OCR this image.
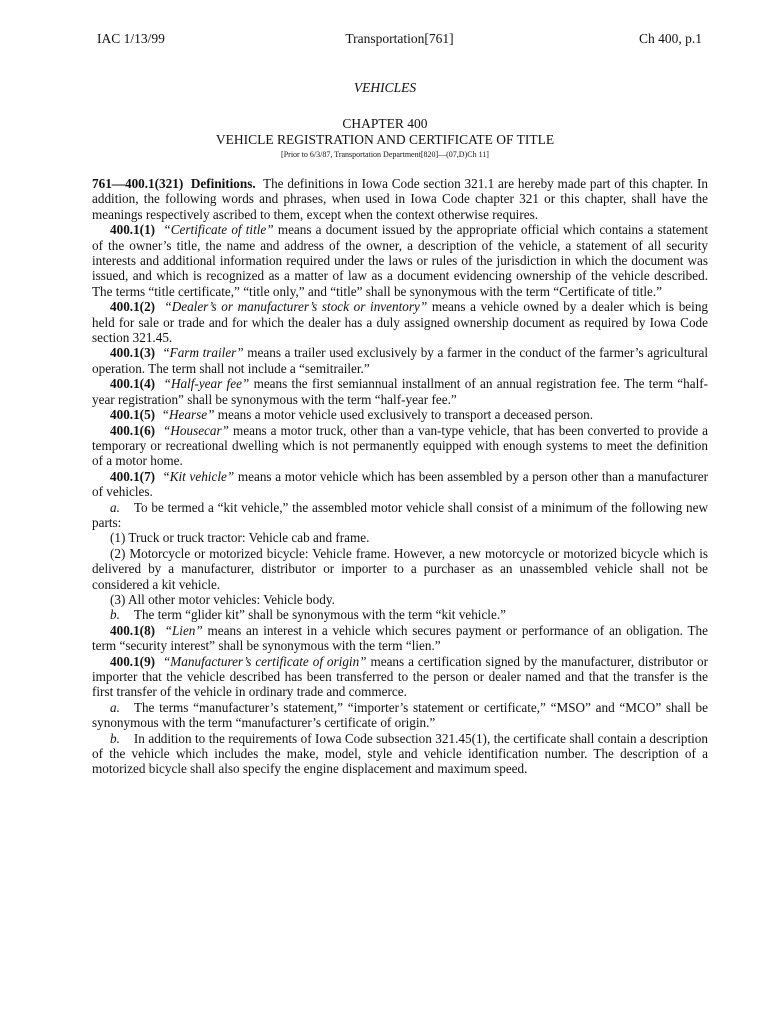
IAC 1/13/99	Transportation[761]	Ch 400, p.1
VEHICLES
CHAPTER 400
VEHICLE REGISTRATION AND CERTIFICATE OF TITLE
[Prior to 6/3/87, Transportation Department[820]—(07,D)Ch 11]

761—400.1(321) Definitions. The definitions in Iowa Code section 321.1 are hereby made part of this chapter. In addition, the following words and phrases, when used in Iowa Code chapter 321 or this chapter, shall have the meanings respectively ascribed to them, except when the context otherwise requires.

400.1(1) “Certificate of title” means a document issued by the appropriate official which contains a statement of the owner’s title, the name and address of the owner, a description of the vehicle, a statement of all security interests and additional information required under the laws or rules of the jurisdiction in which the document was issued, and which is recognized as a matter of law as a document evidencing ownership of the vehicle described. The terms “title certificate,” “title only,” and “title” shall be synonymous with the term “Certificate of title.”

400.1(2) “Dealer’s or manufacturer’s stock or inventory” means a vehicle owned by a dealer which is being held for sale or trade and for which the dealer has a duly assigned ownership document as required by Iowa Code section 321.45.

400.1(3) “Farm trailer” means a trailer used exclusively by a farmer in the conduct of the farmer’s agricultural operation. The term shall not include a “semitrailer.”

400.1(4) “Half-year fee” means the first semiannual installment of an annual registration fee. The term “half-year registration” shall be synonymous with the term “half-year fee.”

400.1(5) “Hearse” means a motor vehicle used exclusively to transport a deceased person.

400.1(6) “Housecar” means a motor truck, other than a van-type vehicle, that has been converted to provide a temporary or recreational dwelling which is not permanently equipped with enough systems to meet the definition of a motor home.

400.1(7) “Kit vehicle” means a motor vehicle which has been assembled by a person other than a manufacturer of vehicles.

a. To be termed a “kit vehicle,” the assembled motor vehicle shall consist of a minimum of the following new parts:

(1) Truck or truck tractor: Vehicle cab and frame.

(2) Motorcycle or motorized bicycle: Vehicle frame. However, a new motorcycle or motorized bicycle which is delivered by a manufacturer, distributor or importer to a purchaser as an unassembled vehicle shall not be considered a kit vehicle.

(3) All other motor vehicles: Vehicle body.

b. The term “glider kit” shall be synonymous with the term “kit vehicle.”

400.1(8) “Lien” means an interest in a vehicle which secures payment or performance of an obligation. The term “security interest” shall be synonymous with the term “lien.”

400.1(9) “Manufacturer’s certificate of origin” means a certification signed by the manufacturer, distributor or importer that the vehicle described has been transferred to the person or dealer named and that the transfer is the first transfer of the vehicle in ordinary trade and commerce.

a. The terms “manufacturer’s statement,” “importer’s statement or certificate,” “MSO” and “MCO” shall be synonymous with the term “manufacturer’s certificate of origin.”

b. In addition to the requirements of Iowa Code subsection 321.45(1), the certificate shall contain a description of the vehicle which includes the make, model, style and vehicle identification number. The description of a motorized bicycle shall also specify the engine displacement and maximum speed.
